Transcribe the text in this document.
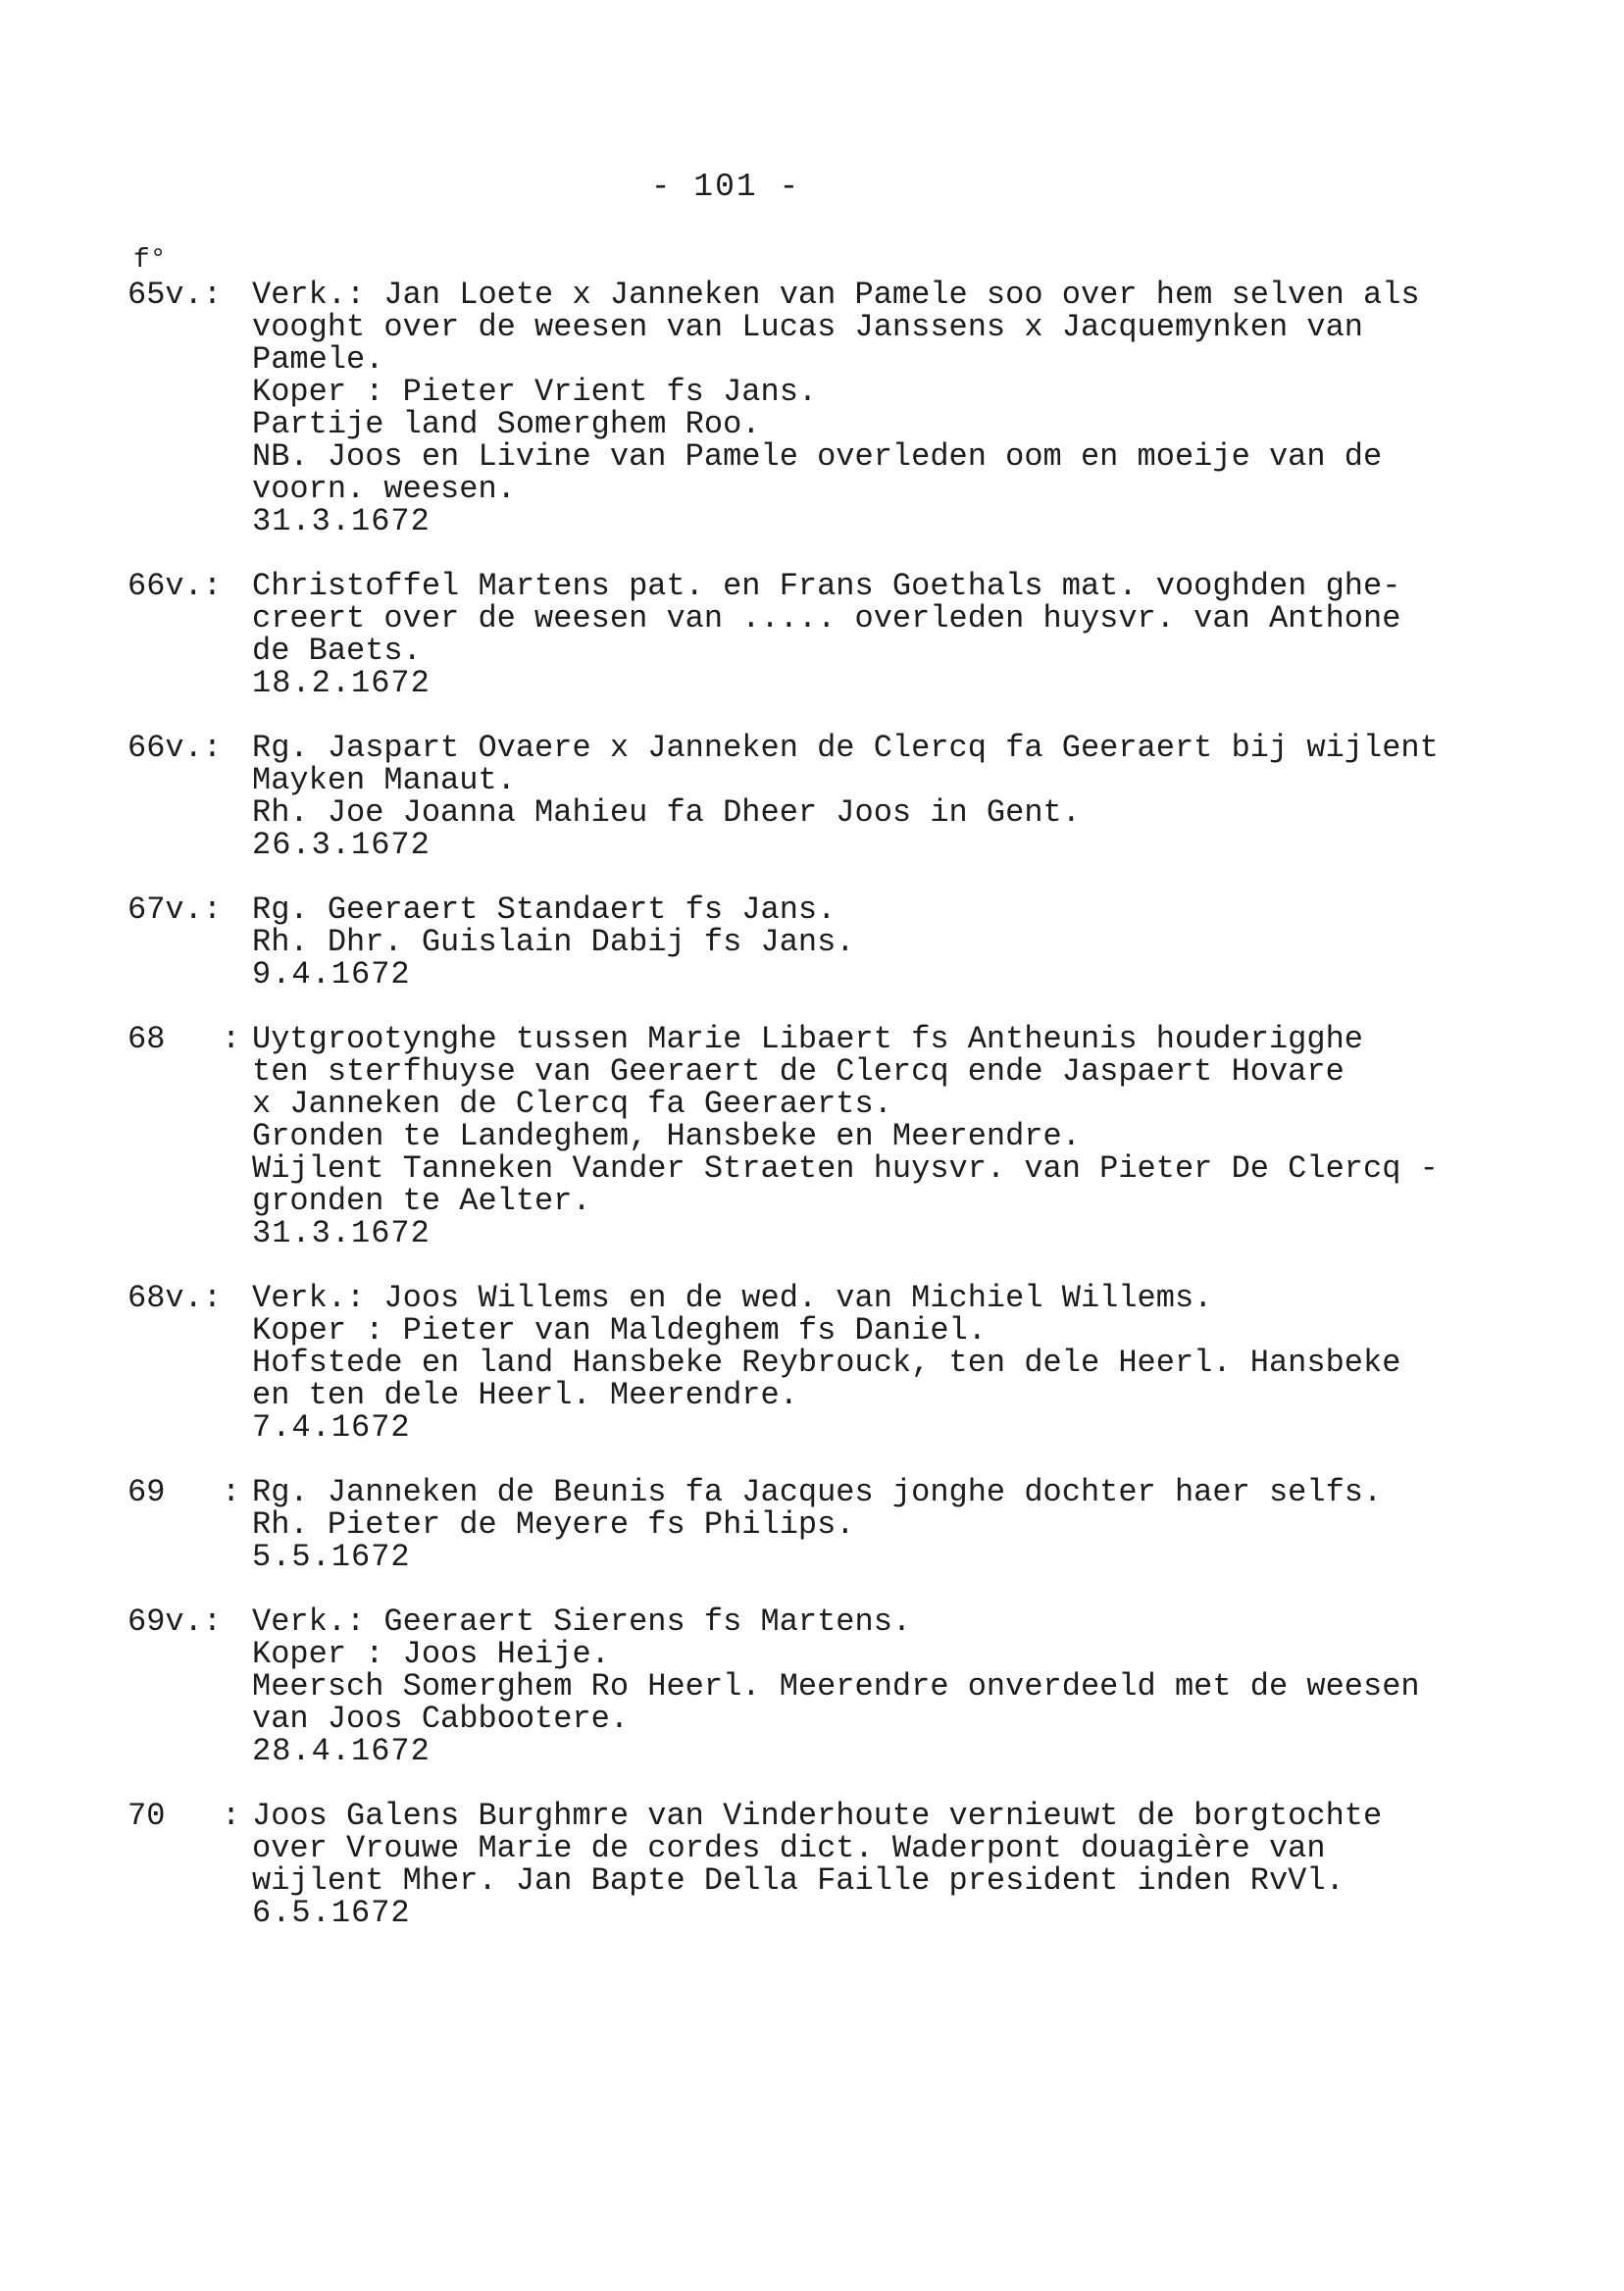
- 101 -
f°
65v.: Verk.: Jan Loete x Janneken van Pamele soo over hem selven als
vooght over de weesen van Lucas Janssens x Jacquemynken van
Pamele.
Koper : Pieter Vrient fs Jans.
Partije land Somerghem Roo.
NB. Joos en Livine van Pamele overleden oom en moeije van de
voorn. weesen.
31.3.1672
66v.: Christoffel Martens pat. en Frans Goethals mat. vooghden ghe-
creert over de weesen van ..... overleden huysvr. van Anthone
de Baets.
18.2.1672
66v.: Rg. Jaspart Ovaere x Janneken de Clercq fa Geeraert bij wijlent
Mayken Manaut.
Rh. Joe Joanna Mahieu fa Dheer Joos in Gent.
26.3.1672
67v.: Rg. Geeraert Standaert fs Jans.
Rh. Dhr. Guislain Dabij fs Jans.
9.4.1672
68   : Uytgrootynghe tussen Marie Libaert fs Antheunis houderigghe
ten sterfhuyse van Geeraert de Clercq ende Jaspaert Hovare
x Janneken de Clercq fa Geeraerts.
Gronden te Landeghem, Hansbeke en Meerendre.
Wijlent Tanneken Vander Straeten huysvr. van Pieter De Clercq -
gronden te Aelter.
31.3.1672
68v.: Verk.: Joos Willems en de wed. van Michiel Willems.
Koper : Pieter van Maldeghem fs Daniel.
Hofstede en land Hansbeke Reybrouck, ten dele Heerl. Hansbeke
en ten dele Heerl. Meerendre.
7.4.1672
69   : Rg. Janneken de Beunis fa Jacques jonghe dochter haer selfs.
Rh. Pieter de Meyere fs Philips.
5.5.1672
69v.: Verk.: Geeraert Sierens fs Martens.
Koper : Joos Heije.
Meersch Somerghem Ro Heerl. Meerendre onverdeeld met de weesen
van Joos Cabbootere.
28.4.1672
70   : Joos Galens Burghmre van Vinderhoute vernieuwt de borgtochte
over Vrouwe Marie de cordes dict. Waderpont douagière van
wijlent Mher. Jan Bapte Della Faille president inden RvVl.
6.5.1672
